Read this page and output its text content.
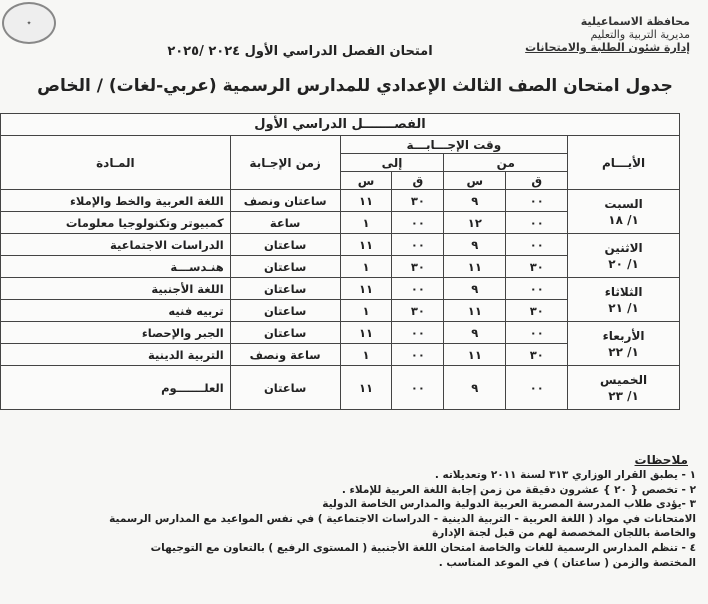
✦	محافظة الاسماعيلية
مديرية التربية والتعليم
إدارة شئون الطلبة والامتحانات
امتحان الفصل الدراسي الأول ٢٠٢٤ /٢٠٢٥
جدول امتحان الصف الثالث الإعدادي للمدارس الرسمية (عربي-لغات) / الخاص
الفصـــــــل الدراسي الأول						
الأيـــام	وقت الإجـــابـــة				زمن الإجـابة	المـادة
	من		إلى			
	ق	س	ق	س		

السبت
١/ ١٨	٠٠	٩	٣٠	١١	ساعتان ونصف	اللغة العربية والخط والإملاء
	٠٠	١٢	٠٠	١	ساعة	كمبيوتر وتكنولوجيا معلومات

الاثنين
١/ ٢٠	٠٠	٩	٠٠	١١	ساعتان	الدراسات الاجتماعية
	٣٠	١١	٣٠	١	ساعتان	هنـدســـة

الثلاثاء
١/ ٢١	٠٠	٩	٠٠	١١	ساعتان	اللغة الأجنبية
	٣٠	١١	٣٠	١	ساعتان	تربيه فنيه

الأربعاء
١/ ٢٢	٠٠	٩	٠٠	١١	ساعتان	الجبر والإحصاء
	٣٠	١١	٠٠	١	ساعة ونصف	التربية الدينية

الخميس
١/ ٢٣	٠٠	٩	٠٠	١١	ساعتان	العلـــــــوم
ملاحظات
١ - يطبق القرار الوزاري ٣١٣ لسنة ٢٠١١ وتعديلاته .
٢ - تخصص { ٢٠ } عشرون دقيقة من زمن إجابة اللغة العربية للإملاء .
٣ -يؤدى طلاب المدرسة المصرية العربية الدولية والمدارس الخاصة الدولية
الامتحانات في مواد ( اللغة العربية - التربية الدينية - الدراسات الاجتماعية ) في نفس المواعيد مع المدارس الرسمية
والخاصة باللجان المخصصة لهم من قبل لجنة الإدارة
٤ - تنظم المدارس الرسمية للغات والخاصة امتحان اللغة الأجنبية ( المستوى الرفيع ) بالتعاون مع التوجيهات
المختصة والزمن ( ساعتان ) في الموعد المناسب .
